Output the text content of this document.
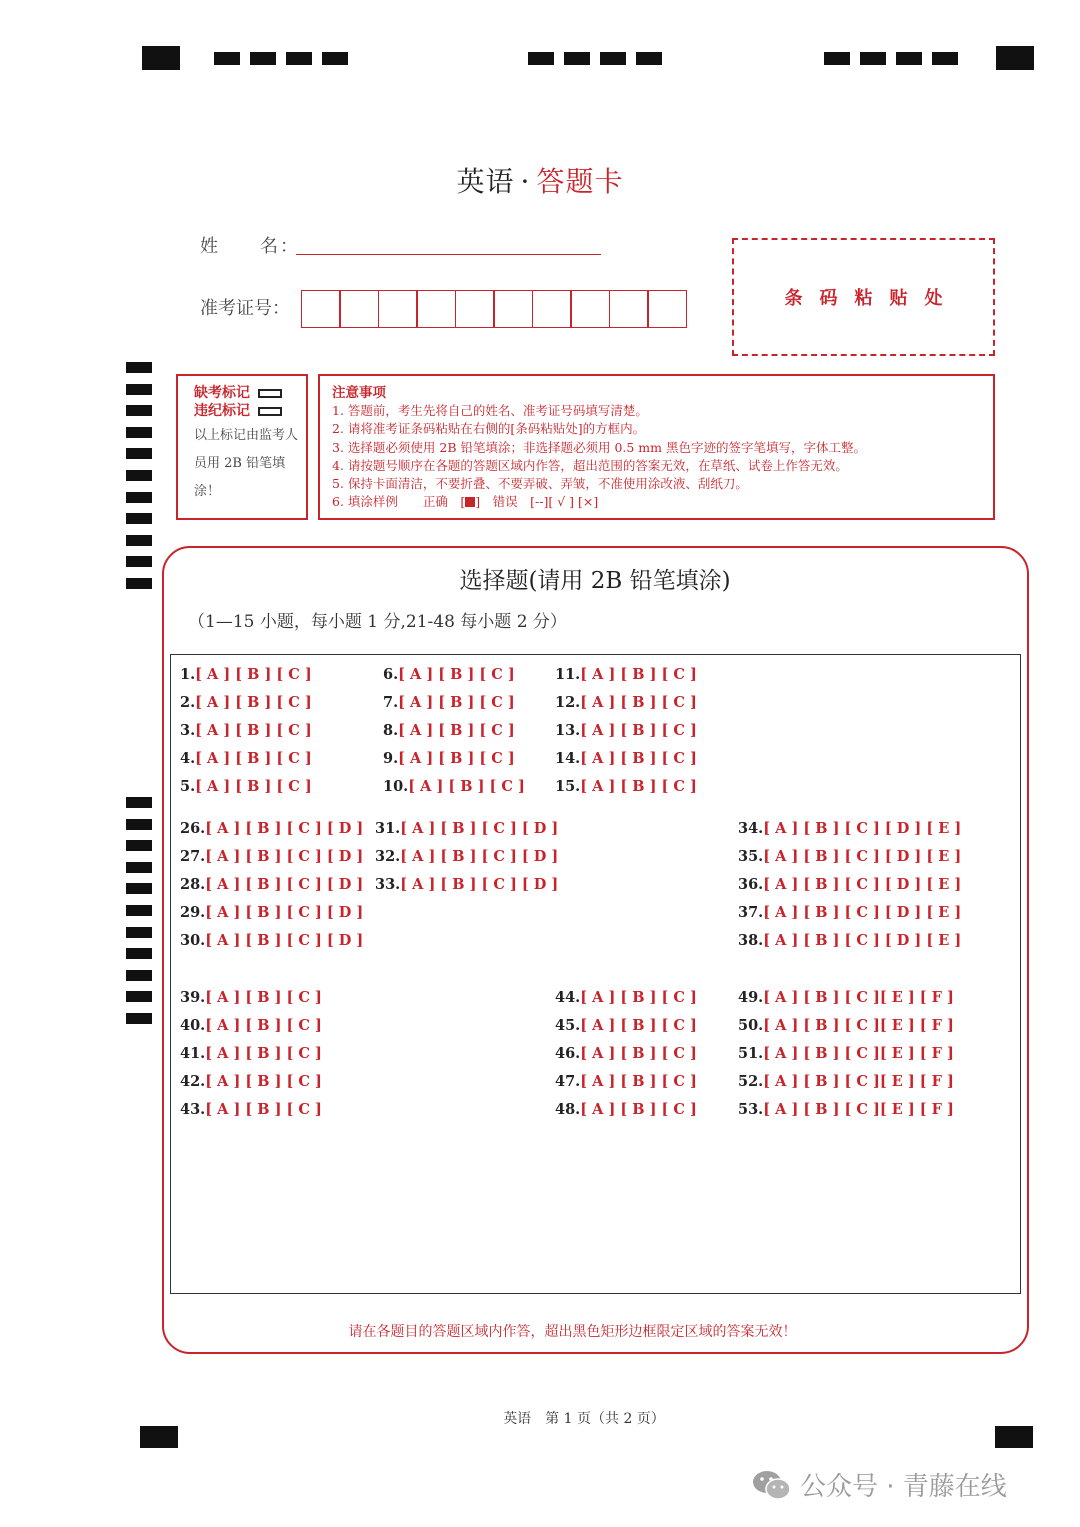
英语 · 答题卡
姓　　名：
准考证号：	条码粘贴处
缺考标记
违纪标记
以上标记由监考人员用 2B 铅笔填涂！
注意事项
1. 答题前，考生先将自己的姓名、准考证号码填写清楚。
2. 请将准考证条码粘贴在右侧的[条码粘贴处]的方框内。
3. 选择题必须使用 2B 铅笔填涂；非选择题必须用 0.5 mm 黑色字迹的签字笔填写，字体工整。
4. 请按题号顺序在各题的答题区域内作答，超出范围的答案无效，在草纸、试卷上作答无效。
5. 保持卡面清洁，不要折叠、不要弄破、弄皱，不准使用涂改液、刮纸刀。
6. 填涂样例　　正确　[ ]　错误　[--][ √ ] [×]
选择题(请用 2B 铅笔填涂)
（1—15 小题，每小题 1 分,21-48 每小题 2 分）
1.[ A ] [ B ] [ C ]
2.[ A ] [ B ] [ C ]
3.[ A ] [ B ] [ C ]
4.[ A ] [ B ] [ C ]
5.[ A ] [ B ] [ C ]
6.[ A ] [ B ] [ C ]
7.[ A ] [ B ] [ C ]
8.[ A ] [ B ] [ C ]
9.[ A ] [ B ] [ C ]
10.[ A ] [ B ] [ C ]
11.[ A ] [ B ] [ C ]
12.[ A ] [ B ] [ C ]
13.[ A ] [ B ] [ C ]
14.[ A ] [ B ] [ C ]
15.[ A ] [ B ] [ C ]
26.[ A ] [ B ] [ C ] [ D ]
27.[ A ] [ B ] [ C ] [ D ]
28.[ A ] [ B ] [ C ] [ D ]
29.[ A ] [ B ] [ C ] [ D ]
30.[ A ] [ B ] [ C ] [ D ]
31.[ A ] [ B ] [ C ] [ D ]
32.[ A ] [ B ] [ C ] [ D ]
33.[ A ] [ B ] [ C ] [ D ]
34.[ A ] [ B ] [ C ] [ D ] [ E ]
35.[ A ] [ B ] [ C ] [ D ] [ E ]
36.[ A ] [ B ] [ C ] [ D ] [ E ]
37.[ A ] [ B ] [ C ] [ D ] [ E ]
38.[ A ] [ B ] [ C ] [ D ] [ E ]
39.[ A ] [ B ] [ C ]
40.[ A ] [ B ] [ C ]
41.[ A ] [ B ] [ C ]
42.[ A ] [ B ] [ C ]
43.[ A ] [ B ] [ C ]
44.[ A ] [ B ] [ C ]
45.[ A ] [ B ] [ C ]
46.[ A ] [ B ] [ C ]
47.[ A ] [ B ] [ C ]
48.[ A ] [ B ] [ C ]
49.[ A ] [ B ] [ C ][ E ] [ F ]
50.[ A ] [ B ] [ C ][ E ] [ F ]
51.[ A ] [ B ] [ C ][ E ] [ F ]
52.[ A ] [ B ] [ C ][ E ] [ F ]
53.[ A ] [ B ] [ C ][ E ] [ F ]
请在各题目的答题区域内作答，超出黑色矩形边框限定区域的答案无效！
英语　第 1 页（共 2 页）
公众号 · 青藤在线
